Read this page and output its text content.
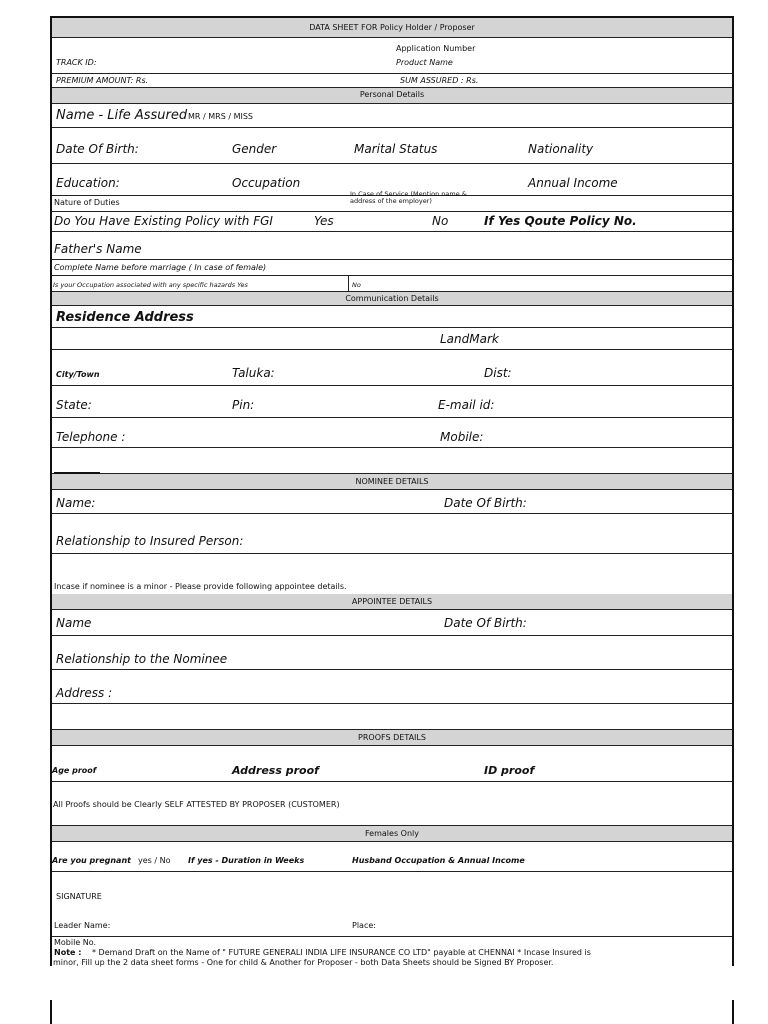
DATA SHEET FOR Policy Holder / Proposer
Application Number
TRACK ID:	Product Name
PREMIUM AMOUNT: Rs.	SUM ASSURED : Rs.
Personal Details
Name - Life Assured MR / MRS / MISS
Date Of Birth:	Gender	Marital Status	Nationality
Education:	Occupation	Annual Income
Nature of Duties
In Case of Service (Mention name & address of the employer)
Do You Have Existing Policy with FGI	Yes	No	If Yes Qoute Policy No.
Father's Name
Complete Name before marriage ( In case of female)
Is your Occupation associated with any specific hazards Yes	No
Communication Details
Residence Address
LandMark
City/Town	Taluka:	Dist:
State:	Pin:	E-mail id:
Telephone :	Mobile:
NOMINEE DETAILS
Name:	Date Of Birth:
Relationship to Insured Person:
Incase if nominee is a minor - Please provide following appointee details.
APPOINTEE DETAILS
Name	Date Of Birth:
Relationship to the Nominee
Address :
PROOFS DETAILS
Age proof	Address proof	ID proof
All Proofs should be Clearly SELF ATTESTED BY PROPOSER (CUSTOMER)
Females Only
Are you pregnant yes / No If yes - Duration in Weeks	Husband Occupation & Annual Income
SIGNATURE
Leader Name:	Place:
Mobile No.
Note : * Demand Draft on the Name of " FUTURE GENERALI INDIA LIFE INSURANCE CO LTD" payable at CHENNAI * Incase Insured is
minor, Fill up the 2 data sheet forms - One for child & Another for Proposer - both Data Sheets should be Signed BY Proposer.
